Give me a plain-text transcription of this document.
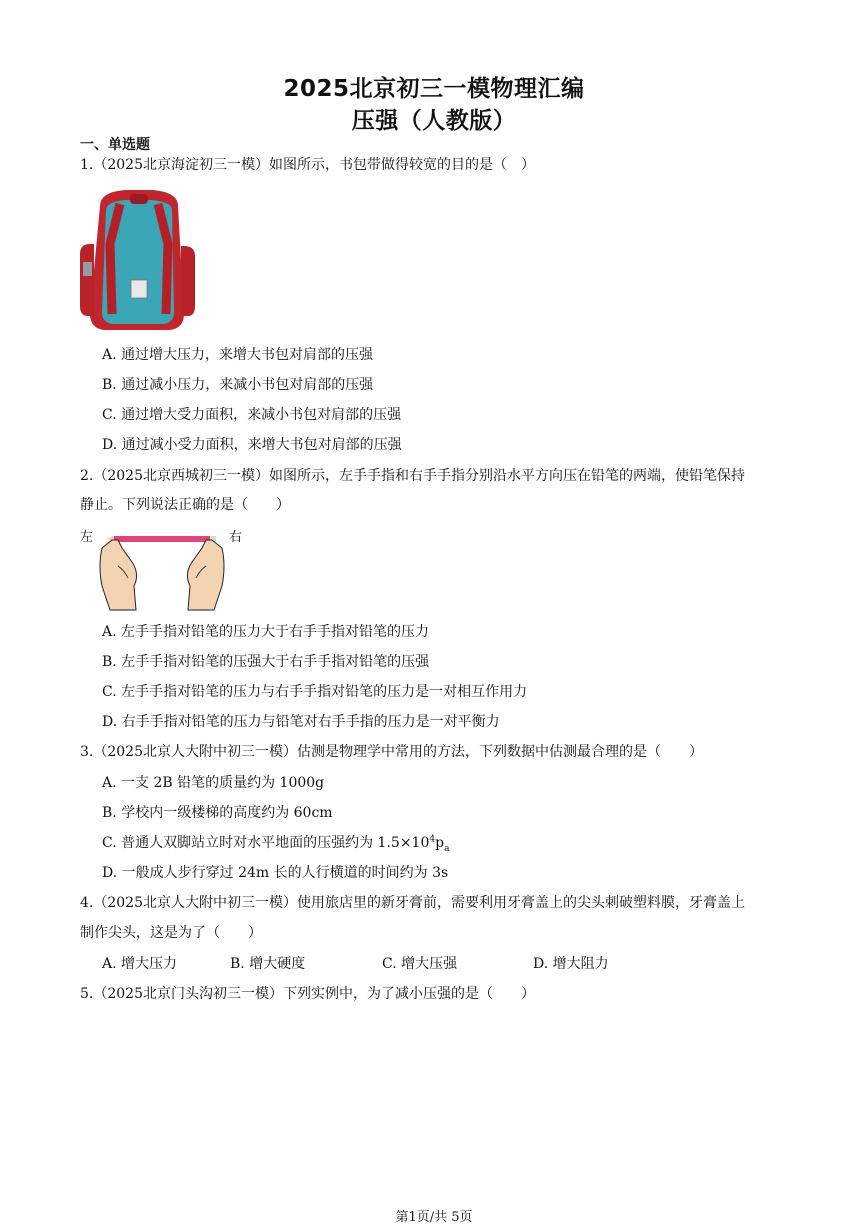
2025北京初三一模物理汇编
压强（人教版）
一、单选题
1.（2025北京海淀初三一模）如图所示，书包带做得较宽的目的是（　）
A. 通过增大压力，来增大书包对肩部的压强
B. 通过减小压力，来减小书包对肩部的压强
C. 通过增大受力面积，来减小书包对肩部的压强
D. 通过减小受力面积，来增大书包对肩部的压强
2.（2025北京西城初三一模）如图所示，左手手指和右手手指分别沿水平方向压在铅笔的两端，使铅笔保持
静止。下列说法正确的是（　　）
左	右
A. 左手手指对铅笔的压力大于右手手指对铅笔的压力
B. 左手手指对铅笔的压强大于右手手指对铅笔的压强
C. 左手手指对铅笔的压力与右手手指对铅笔的压力是一对相互作用力
D. 右手手指对铅笔的压力与铅笔对右手手指的压力是一对平衡力
3.（2025北京人大附中初三一模）估测是物理学中常用的方法，下列数据中估测最合理的是（　　）
A. 一支 2B 铅笔的质量约为 1000g
B. 学校内一级楼梯的高度约为 60cm
C. 普通人双脚站立时对水平地面的压强约为 $1.5\times 10^4p_a$
D. 一般成人步行穿过 24m 长的人行横道的时间约为 3s
4.（2025北京人大附中初三一模）使用旅店里的新牙膏前，需要利用牙膏盖上的尖头刺破塑料膜，牙膏盖上
制作尖头，这是为了（　　）
A. 增大压力	B. 增大硬度	C. 增大压强	D. 增大阻力
5.（2025北京门头沟初三一模）下列实例中，为了减小压强的是（　　）
第1页/共 5页
